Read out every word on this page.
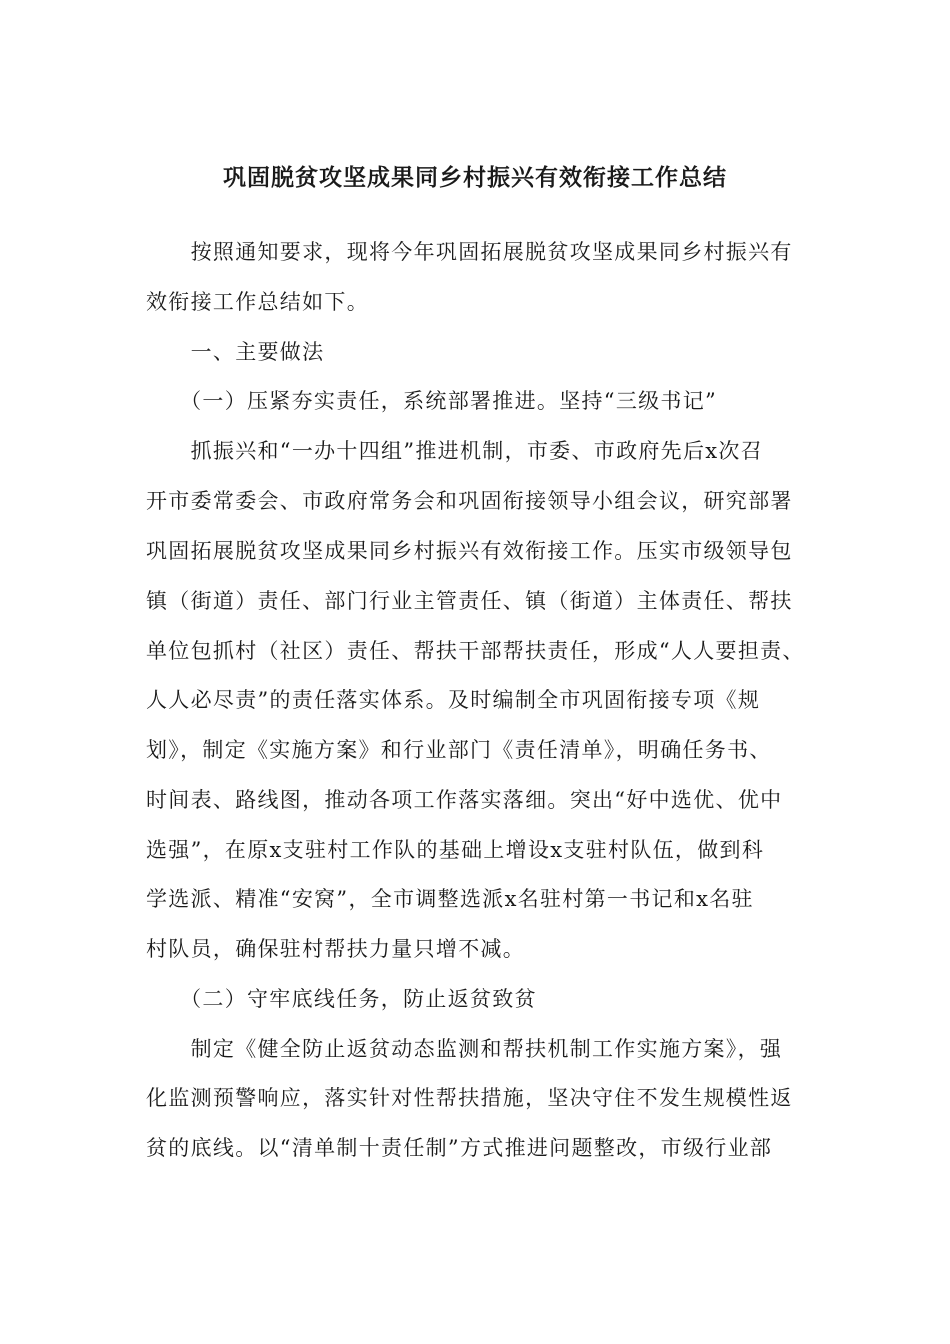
巩固脱贫攻坚成果同乡村振兴有效衔接工作总结
　　按照通知要求，现将今年巩固拓展脱贫攻坚成果同乡村振兴有
效衔接工作总结如下。
　　一、主要做法
　　（一）压紧夯实责任，系统部署推进。坚持“三级书记”
　　抓振兴和“一办十四组”推进机制，市委、市政府先后x次召
开市委常委会、市政府常务会和巩固衔接领导小组会议，研究部署
巩固拓展脱贫攻坚成果同乡村振兴有效衔接工作。压实市级领导包
镇（街道）责任、部门行业主管责任、镇（街道）主体责任、帮扶
单位包抓村（社区）责任、帮扶干部帮扶责任，形成“人人要担责、
人人必尽责”的责任落实体系。及时编制全市巩固衔接专项《规
划》，制定《实施方案》和行业部门《责任清单》，明确任务书、
时间表、路线图，推动各项工作落实落细。突出“好中选优、优中
选强”，在原x支驻村工作队的基础上增设x支驻村队伍，做到科
学选派、精准“安窝”，全市调整选派x名驻村第一书记和x名驻
村队员，确保驻村帮扶力量只增不减。
　　（二）守牢底线任务，防止返贫致贫
　　制定《健全防止返贫动态监测和帮扶机制工作实施方案》，强
化监测预警响应，落实针对性帮扶措施，坚决守住不发生规模性返
贫的底线。以“清单制十责任制”方式推进问题整改，市级行业部
